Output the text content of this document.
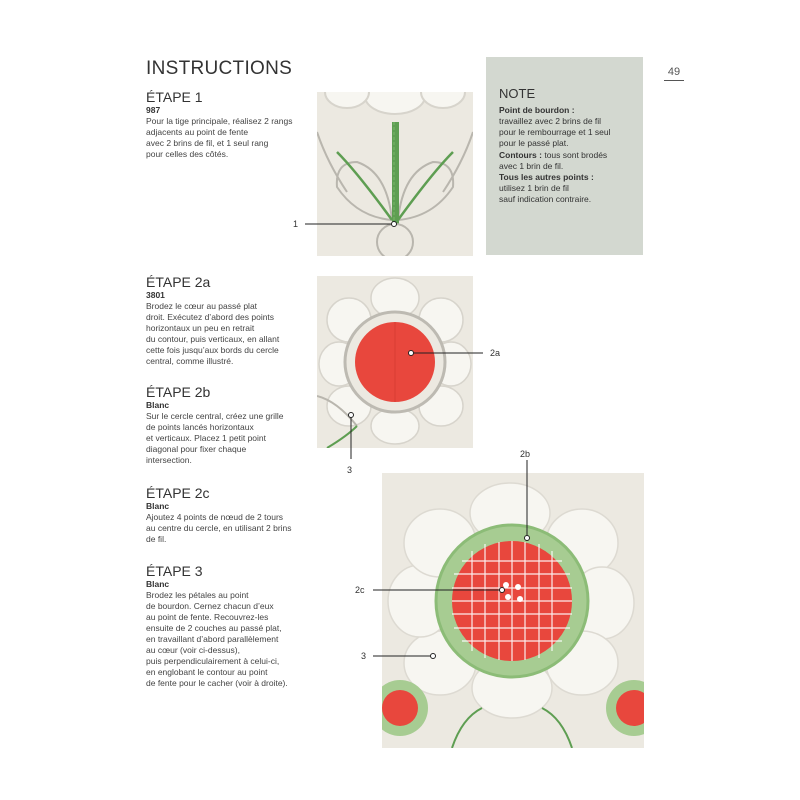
INSTRUCTIONS	49
ÉTAPE 1
987
Pour la tige principale, réalisez 2 rangs
adjacents au point de fente
avec 2 brins de fil, et 1 seul rang
pour celles des côtés.
ÉTAPE 2a
3801
Brodez le cœur au passé plat
droit. Exécutez d’abord des points
horizontaux un peu en retrait
du contour, puis verticaux, en allant
cette fois jusqu’aux bords du cercle
central, comme illustré.
ÉTAPE 2b
Blanc
Sur le cercle central, créez une grille
de points lancés horizontaux
et verticaux. Placez 1 petit point
diagonal pour fixer chaque
intersection.
ÉTAPE 2c
Blanc
Ajoutez 4 points de nœud de 2 tours
au centre du cercle, en utilisant 2 brins
de fil.
ÉTAPE 3
Blanc
Brodez les pétales au point
de bourdon. Cernez chacun d’eux
au point de fente. Recouvrez-les
ensuite de 2 couches au passé plat,
en travaillant d’abord parallèlement
au cœur (voir ci-dessus),
puis perpendiculairement à celui-ci,
en englobant le contour au point
de fente pour le cacher (voir à droite).
NOTE
Point de bourdon :
travaillez avec 2 brins de fil
pour le rembourrage et 1 seul
pour le passé plat.
Contours : tous sont brodés
avec 1 brin de fil.
Tous les autres points :
utilisez 1 brin de fil
sauf indication contraire.
1
2a
3
2b
2c
3
